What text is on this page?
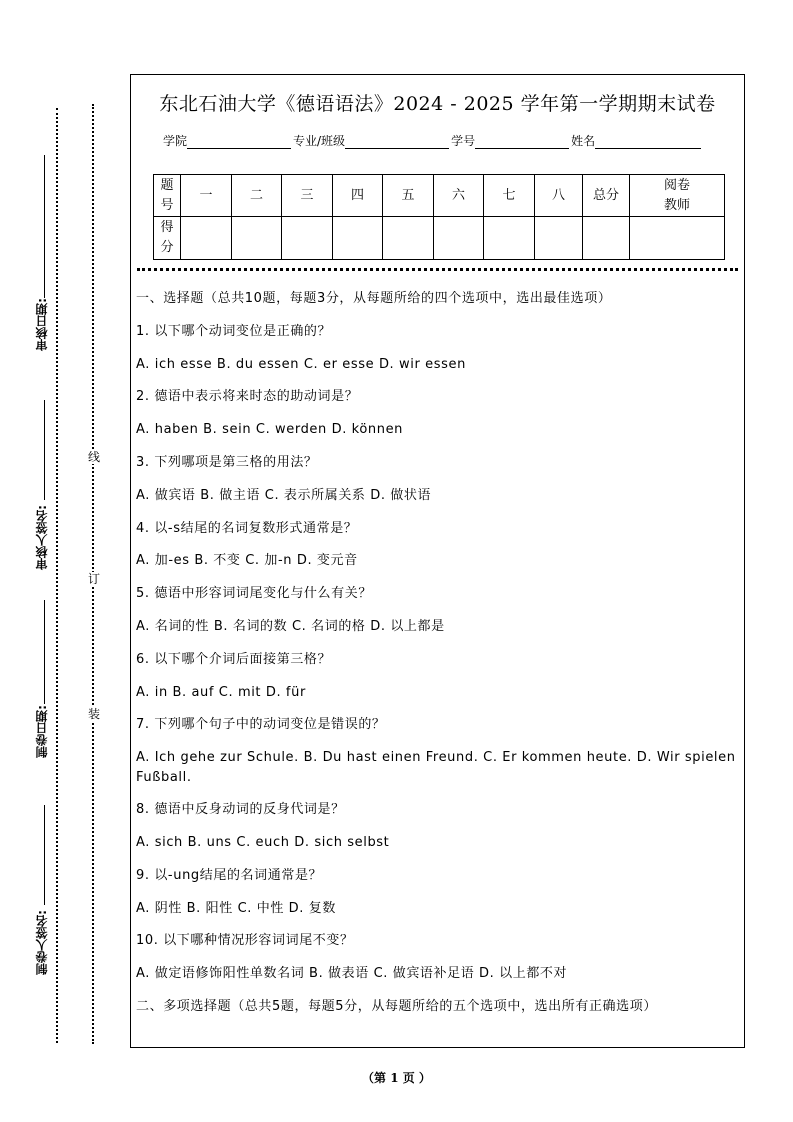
审核日期:
审核人签名:
制卷日期:
制卷人签名:
线
订
装
东北石油大学《德语语法》2024 - 2025 学年第一学期期末试卷
学院	专业/班级	学号	姓名
题号	一	二	三	四	五	六	七	八	总分	阅卷教师
得分										
一、选择题（总共10题，每题3分，从每题所给的四个选项中，选出最佳选项）
1. 以下哪个动词变位是正确的？
A. ich esse B. du essen C. er esse D. wir essen
2. 德语中表示将来时态的助动词是？
A. haben B. sein C. werden D. können
3. 下列哪项是第三格的用法？
A. 做宾语 B. 做主语 C. 表示所属关系 D. 做状语
4. 以-s结尾的名词复数形式通常是？
A. 加-es B. 不变 C. 加-n D. 变元音
5. 德语中形容词词尾变化与什么有关？
A. 名词的性 B. 名词的数 C. 名词的格 D. 以上都是
6. 以下哪个介词后面接第三格？
A. in B. auf C. mit D. für
7. 下列哪个句子中的动词变位是错误的？
A. Ich gehe zur Schule. B. Du hast einen Freund. C. Er kommen heute. D. Wir spielen Fußball.
8. 德语中反身动词的反身代词是？
A. sich B. uns C. euch D. sich selbst
9. 以-ung结尾的名词通常是？
A. 阴性 B. 阳性 C. 中性 D. 复数
10. 以下哪种情况形容词词尾不变？
A. 做定语修饰阳性单数名词 B. 做表语 C. 做宾语补足语 D. 以上都不对
二、多项选择题（总共5题，每题5分，从每题所给的五个选项中，选出所有正确选项）
（第 1 页 ）
